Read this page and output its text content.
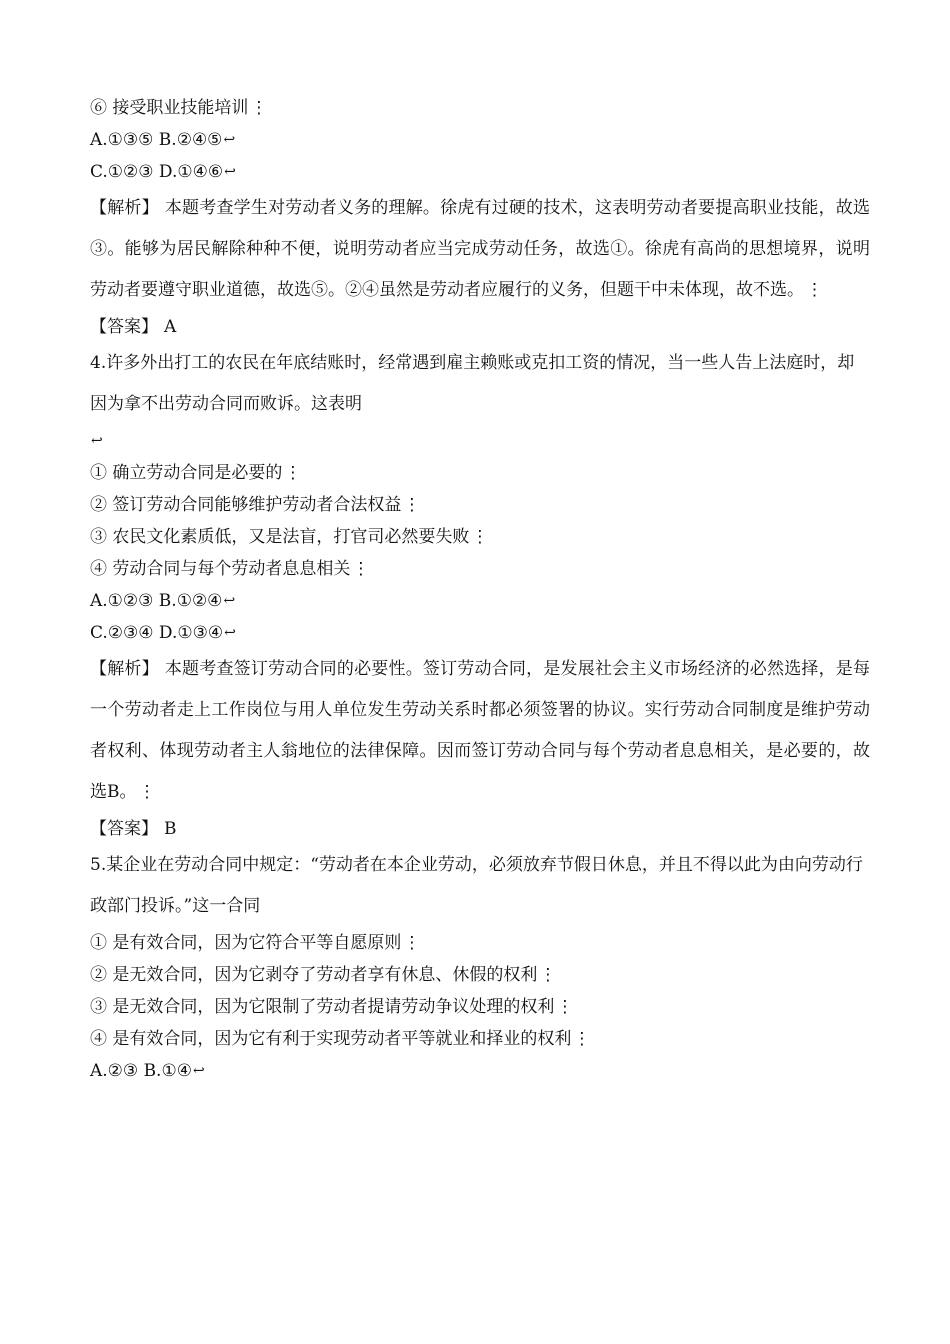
⑥ 接受职业技能培训 ⋮
A.①③⑤ B.②④⑤↩
C.①②③ D.①④⑥↩
【解析】 本题考查学生对劳动者义务的理解。徐虎有过硬的技术，这表明劳动者要提高职业技能，故选③。能够为居民解除种种不便，说明劳动者应当完成劳动任务，故选①。徐虎有高尚的思想境界，说明劳动者要遵守职业道德，故选⑤。②④虽然是劳动者应履行的义务，但题干中未体现，故不选。 ⋮
【答案】 A
4.许多外出打工的农民在年底结账时，经常遇到雇主赖账或克扣工资的情况，当一些人告上法庭时，却因为拿不出劳动合同而败诉。这表明
↩
① 确立劳动合同是必要的 ⋮
② 签订劳动合同能够维护劳动者合法权益 ⋮
③ 农民文化素质低，又是法盲，打官司必然要失败 ⋮
④ 劳动合同与每个劳动者息息相关 ⋮
A.①②③ B.①②④↩
C.②③④ D.①③④↩
【解析】 本题考查签订劳动合同的必要性。签订劳动合同，是发展社会主义市场经济的必然选择，是每一个劳动者走上工作岗位与用人单位发生劳动关系时都必须签署的协议。实行劳动合同制度是维护劳动者权利、体现劳动者主人翁地位的法律保障。因而签订劳动合同与每个劳动者息息相关，是必要的，故选B。 ⋮
【答案】 B
5.某企业在劳动合同中规定：“劳动者在本企业劳动，必须放弃节假日休息，并且不得以此为由向劳动行政部门投诉。”这一合同
① 是有效合同，因为它符合平等自愿原则 ⋮
② 是无效合同，因为它剥夺了劳动者享有休息、休假的权利 ⋮
③ 是无效合同，因为它限制了劳动者提请劳动争议处理的权利 ⋮
④ 是有效合同，因为它有利于实现劳动者平等就业和择业的权利 ⋮
A.②③ B.①④↩
